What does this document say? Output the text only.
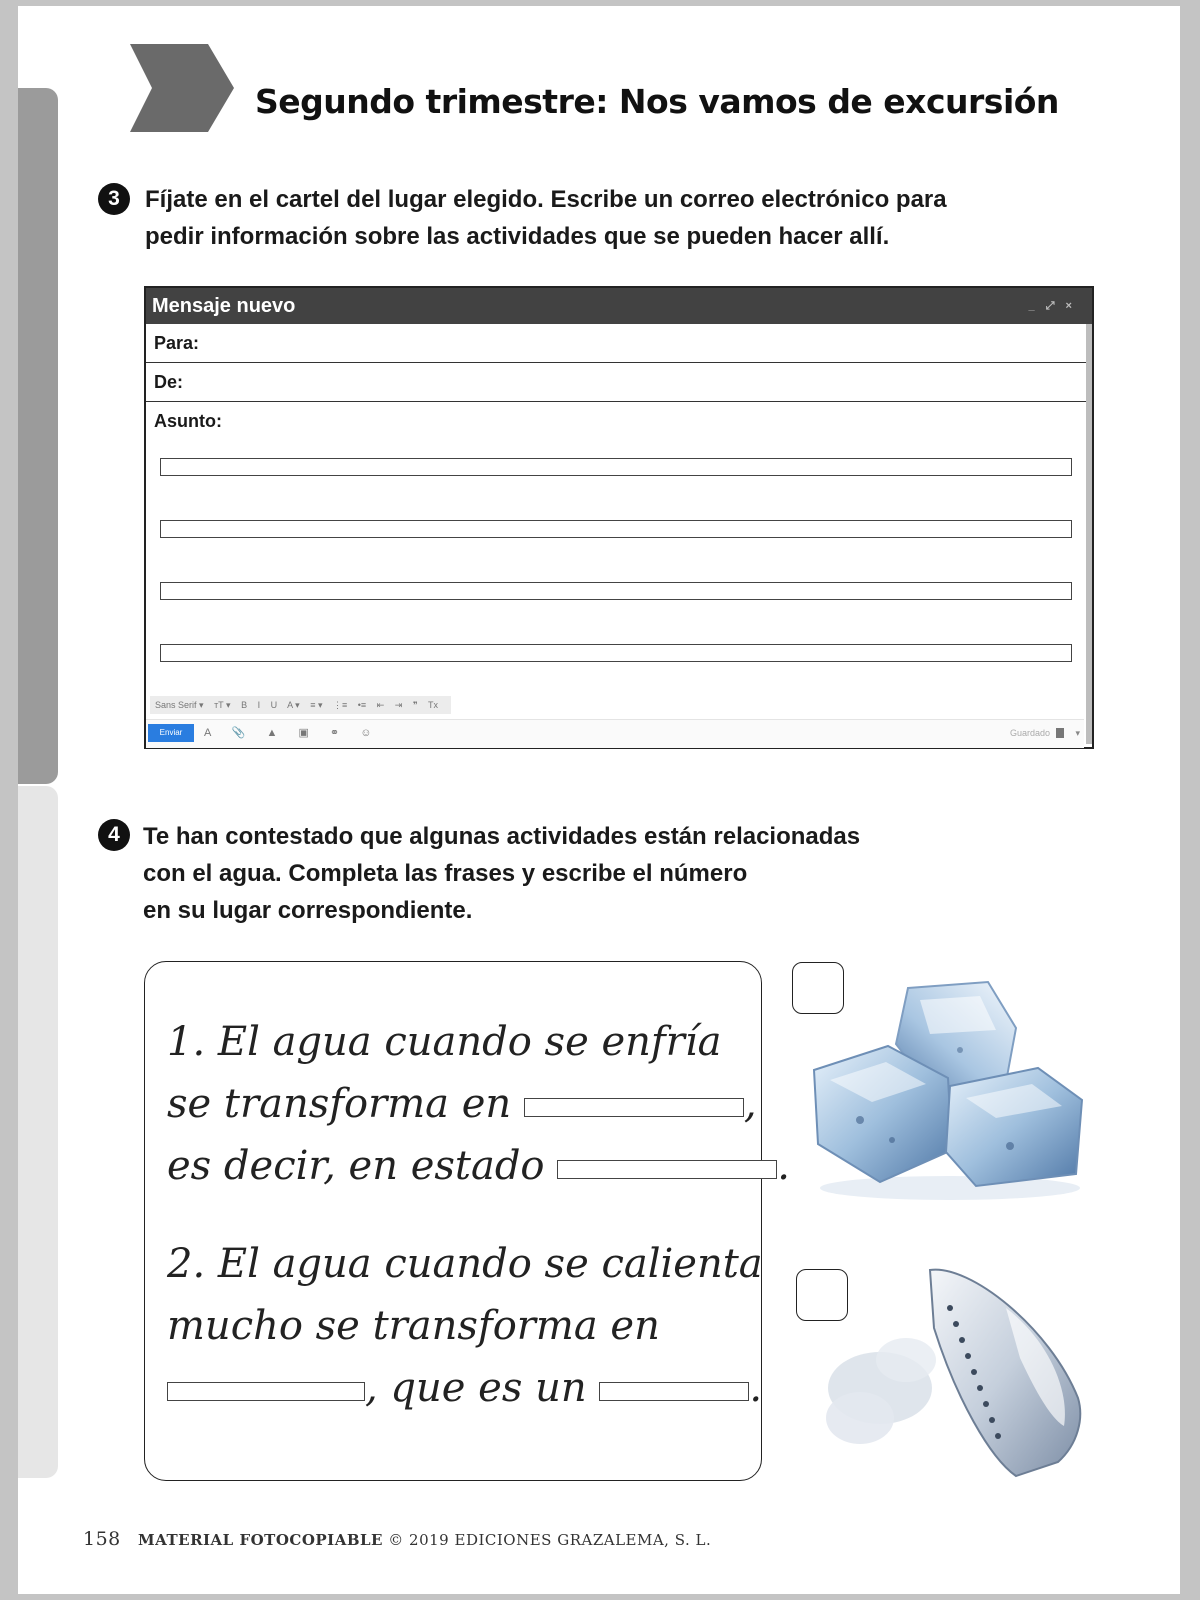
Segundo trimestre: Nos vamos de excursión
3	Fíjate en el cartel del lugar elegido. Escribe un correo electrónico para
pedir información sobre las actividades que se pueden hacer allí.
Mensaje nuevo	_ ⤢ ×
Para:
De:
Asunto:
Sans Serif ▾ тT ▾ B I U A ▾ ≡ ▾ ⋮≡ •≡ ⇤ ⇥ ❞ Tx
Enviar	A 📎 ▲ ▣ ⚭ ☺	Guardado	▾
4 Te han contestado que algunas actividades están relacionadas
con el agua. Completa las frases y escribe el número
en su lugar correspondiente.
1. El agua cuando se enfría
se transforma en	,
es decir, en estado	.
2. El agua cuando se calienta
mucho se transforma en
, que es un	.
158 MATERIAL FOTOCOPIABLE © 2019 EDICIONES GRAZALEMA, S. L.
